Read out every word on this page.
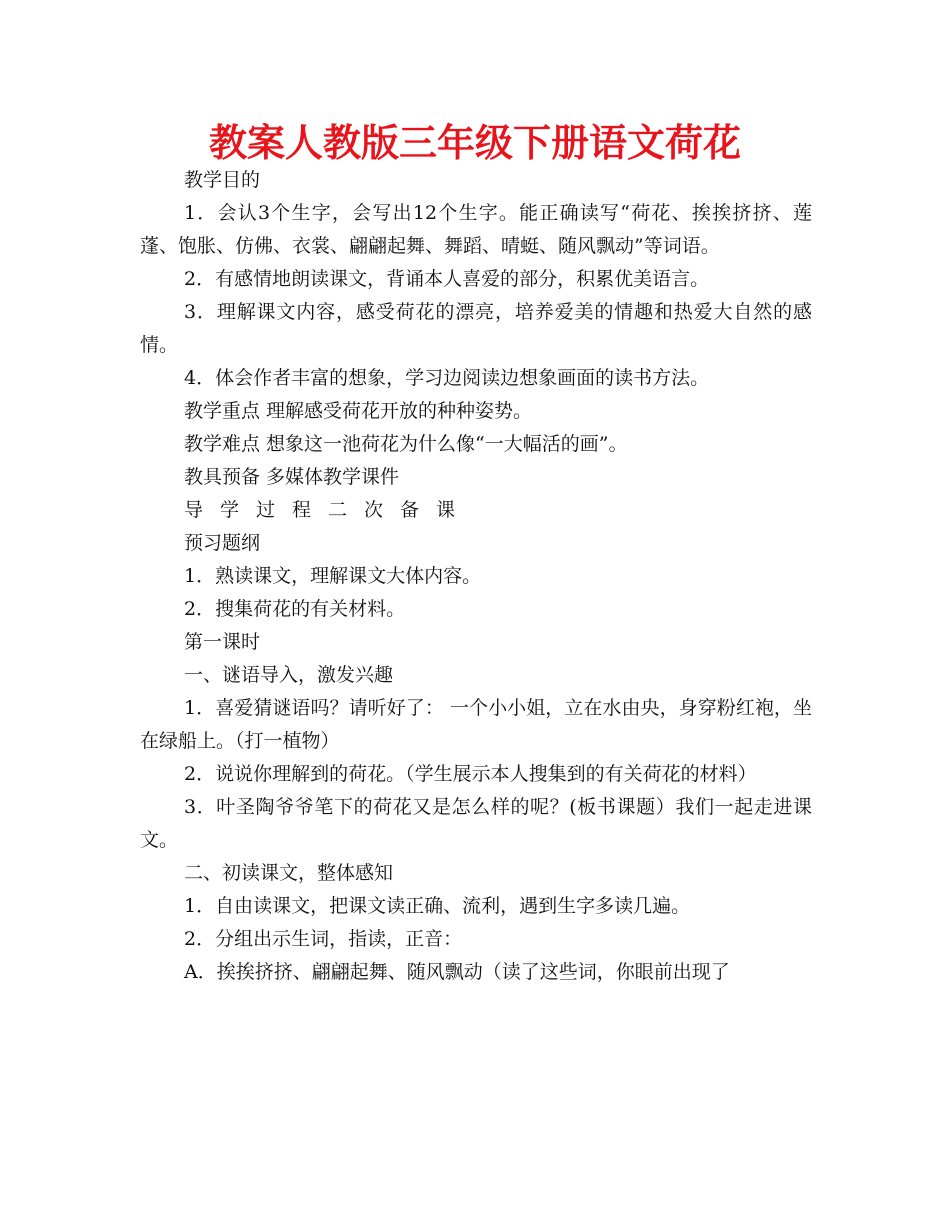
教案人教版三年级下册语文荷花

教学目的

1．会认3个生字，会写出12个生字。能正确读写“荷花、挨挨挤挤、莲蓬、饱胀、仿佛、衣裳、翩翩起舞、舞蹈、晴蜓、随风飘动”等词语。

2．有感情地朗读课文，背诵本人喜爱的部分，积累优美语言。

3．理解课文内容，感受荷花的漂亮，培养爱美的情趣和热爱大自然的感情。

4．体会作者丰富的想象，学习边阅读边想象画面的读书方法。

教学重点 理解感受荷花开放的种种姿势。

教学难点 想象这一池荷花为什么像“一大幅活的画”。

教具预备 多媒体教学课件

导学过程二次备课

预习题纲

1．熟读课文，理解课文大体内容。

2．搜集荷花的有关材料。

第一课时

一、谜语导入，激发兴趣

1．喜爱猜谜语吗？请听好了： 一个小小姐，立在水由央，身穿粉红袍，坐在绿船上。（打一植物）

2．说说你理解到的荷花。（学生展示本人搜集到的有关荷花的材料）

3．叶圣陶爷爷笔下的荷花又是怎么样的呢？(板书课题）我们一起走进课文。

二、初读课文，整体感知

1．自由读课文，把课文读正确、流利，遇到生字多读几遍。

2．分组出示生词，指读，正音：

A．挨挨挤挤、翩翩起舞、随风飘动（读了这些词，你眼前出现了
